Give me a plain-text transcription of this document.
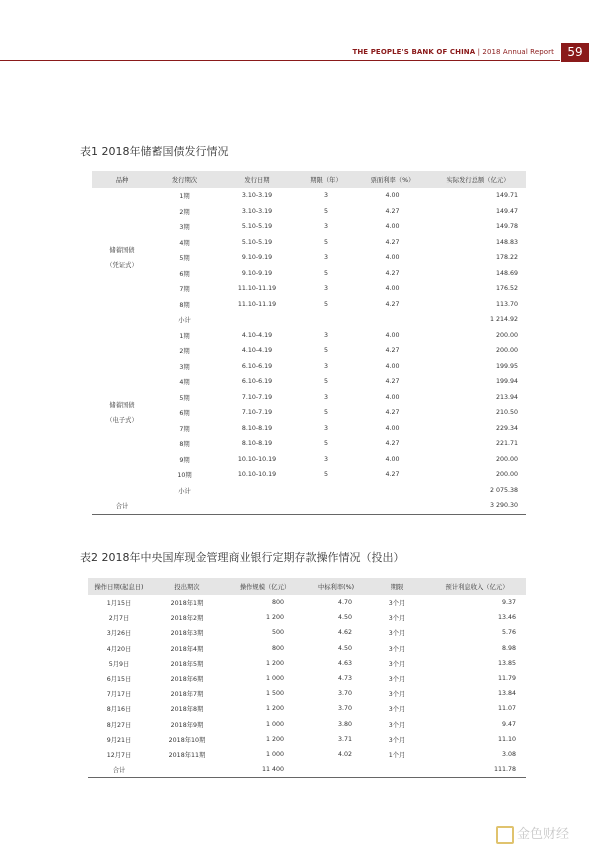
THE PEOPLE'S BANK OF CHINA | 2018 Annual Report	59
表1 2018年储蓄国债发行情况
品种	发行期次	发行日期	期限（年）	票面利率（%）	实际发行总额（亿元）
储蓄国债
（凭证式）	1期	3.10-3.19	3	4.00	149.71
	2期	3.10-3.19	5	4.27	149.47
	3期	5.10-5.19	3	4.00	149.78
	4期	5.10-5.19	5	4.27	148.83
	5期	9.10-9.19	3	4.00	178.22
	6期	9.10-9.19	5	4.27	148.69
	7期	11.10-11.19	3	4.00	176.52
	8期	11.10-11.19	5	4.27	113.70
	小计				1 214.92
储蓄国债
（电子式）	1期	4.10-4.19	3	4.00	200.00
	2期	4.10-4.19	5	4.27	200.00
	3期	6.10-6.19	3	4.00	199.95
	4期	6.10-6.19	5	4.27	199.94
	5期	7.10-7.19	3	4.00	213.94
	6期	7.10-7.19	5	4.27	210.50
	7期	8.10-8.19	3	4.00	229.34
	8期	8.10-8.19	5	4.27	221.71
	9期	10.10-10.19	3	4.00	200.00
	10期	10.10-10.19	5	4.27	200.00
	小计				2 075.38
合计					3 290.30
表2 2018年中央国库现金管理商业银行定期存款操作情况（投出）
操作日期(起息日)	投出期次	操作规模（亿元）	中标利率(%)	期限	预计利息收入（亿元）
1月15日	2018年1期	800	4.70	3个月	9.37
2月7日	2018年2期	1 200	4.50	3个月	13.46
3月26日	2018年3期	500	4.62	3个月	5.76
4月20日	2018年4期	800	4.50	3个月	8.98
5月9日	2018年5期	1 200	4.63	3个月	13.85
6月15日	2018年6期	1 000	4.73	3个月	11.79
7月17日	2018年7期	1 500	3.70	3个月	13.84
8月16日	2018年8期	1 200	3.70	3个月	11.07
8月27日	2018年9期	1 000	3.80	3个月	9.47
9月21日	2018年10期	1 200	3.71	3个月	11.10
12月7日	2018年11期	1 000	4.02	1个月	3.08
合计		11 400			111.78
金色财经
